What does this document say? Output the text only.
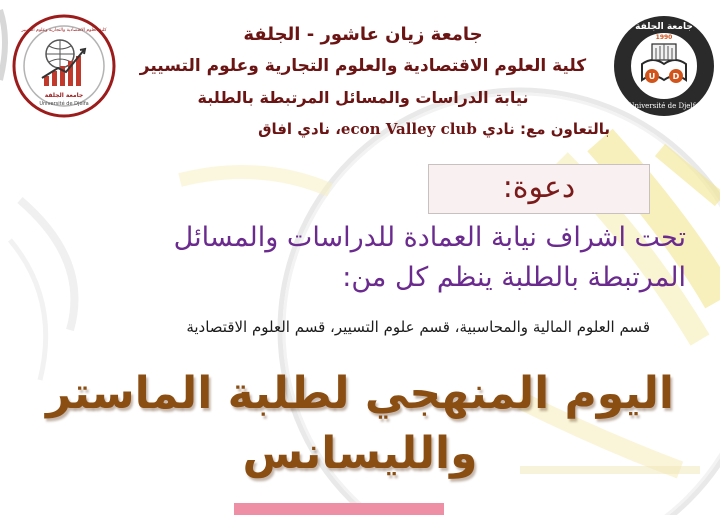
جامعة الجلفة
Université de Djelfa
كلية العلوم الاقتصادية والتجارية وعلوم التسيير
U D
جامعة الجلفة
1990
Université de Djelfa
جامعة زيان عاشور - الجلفة
كلية العلوم الاقتصادية والعلوم التجارية وعلوم التسيير
نيابة الدراسات والمسائل المرتبطة بالطلبة
بالتعاون مع: نادي econ Valley club، نادي افاق
دعوة:
تحت اشراف نيابة العمادة للدراسات والمسائل
المرتبطة بالطلبة ينظم كل من:
قسم العلوم المالية والمحاسبية، قسم علوم التسيير، قسم العلوم الاقتصادية
اليوم المنهجي لطلبة الماستر
والليسانس
